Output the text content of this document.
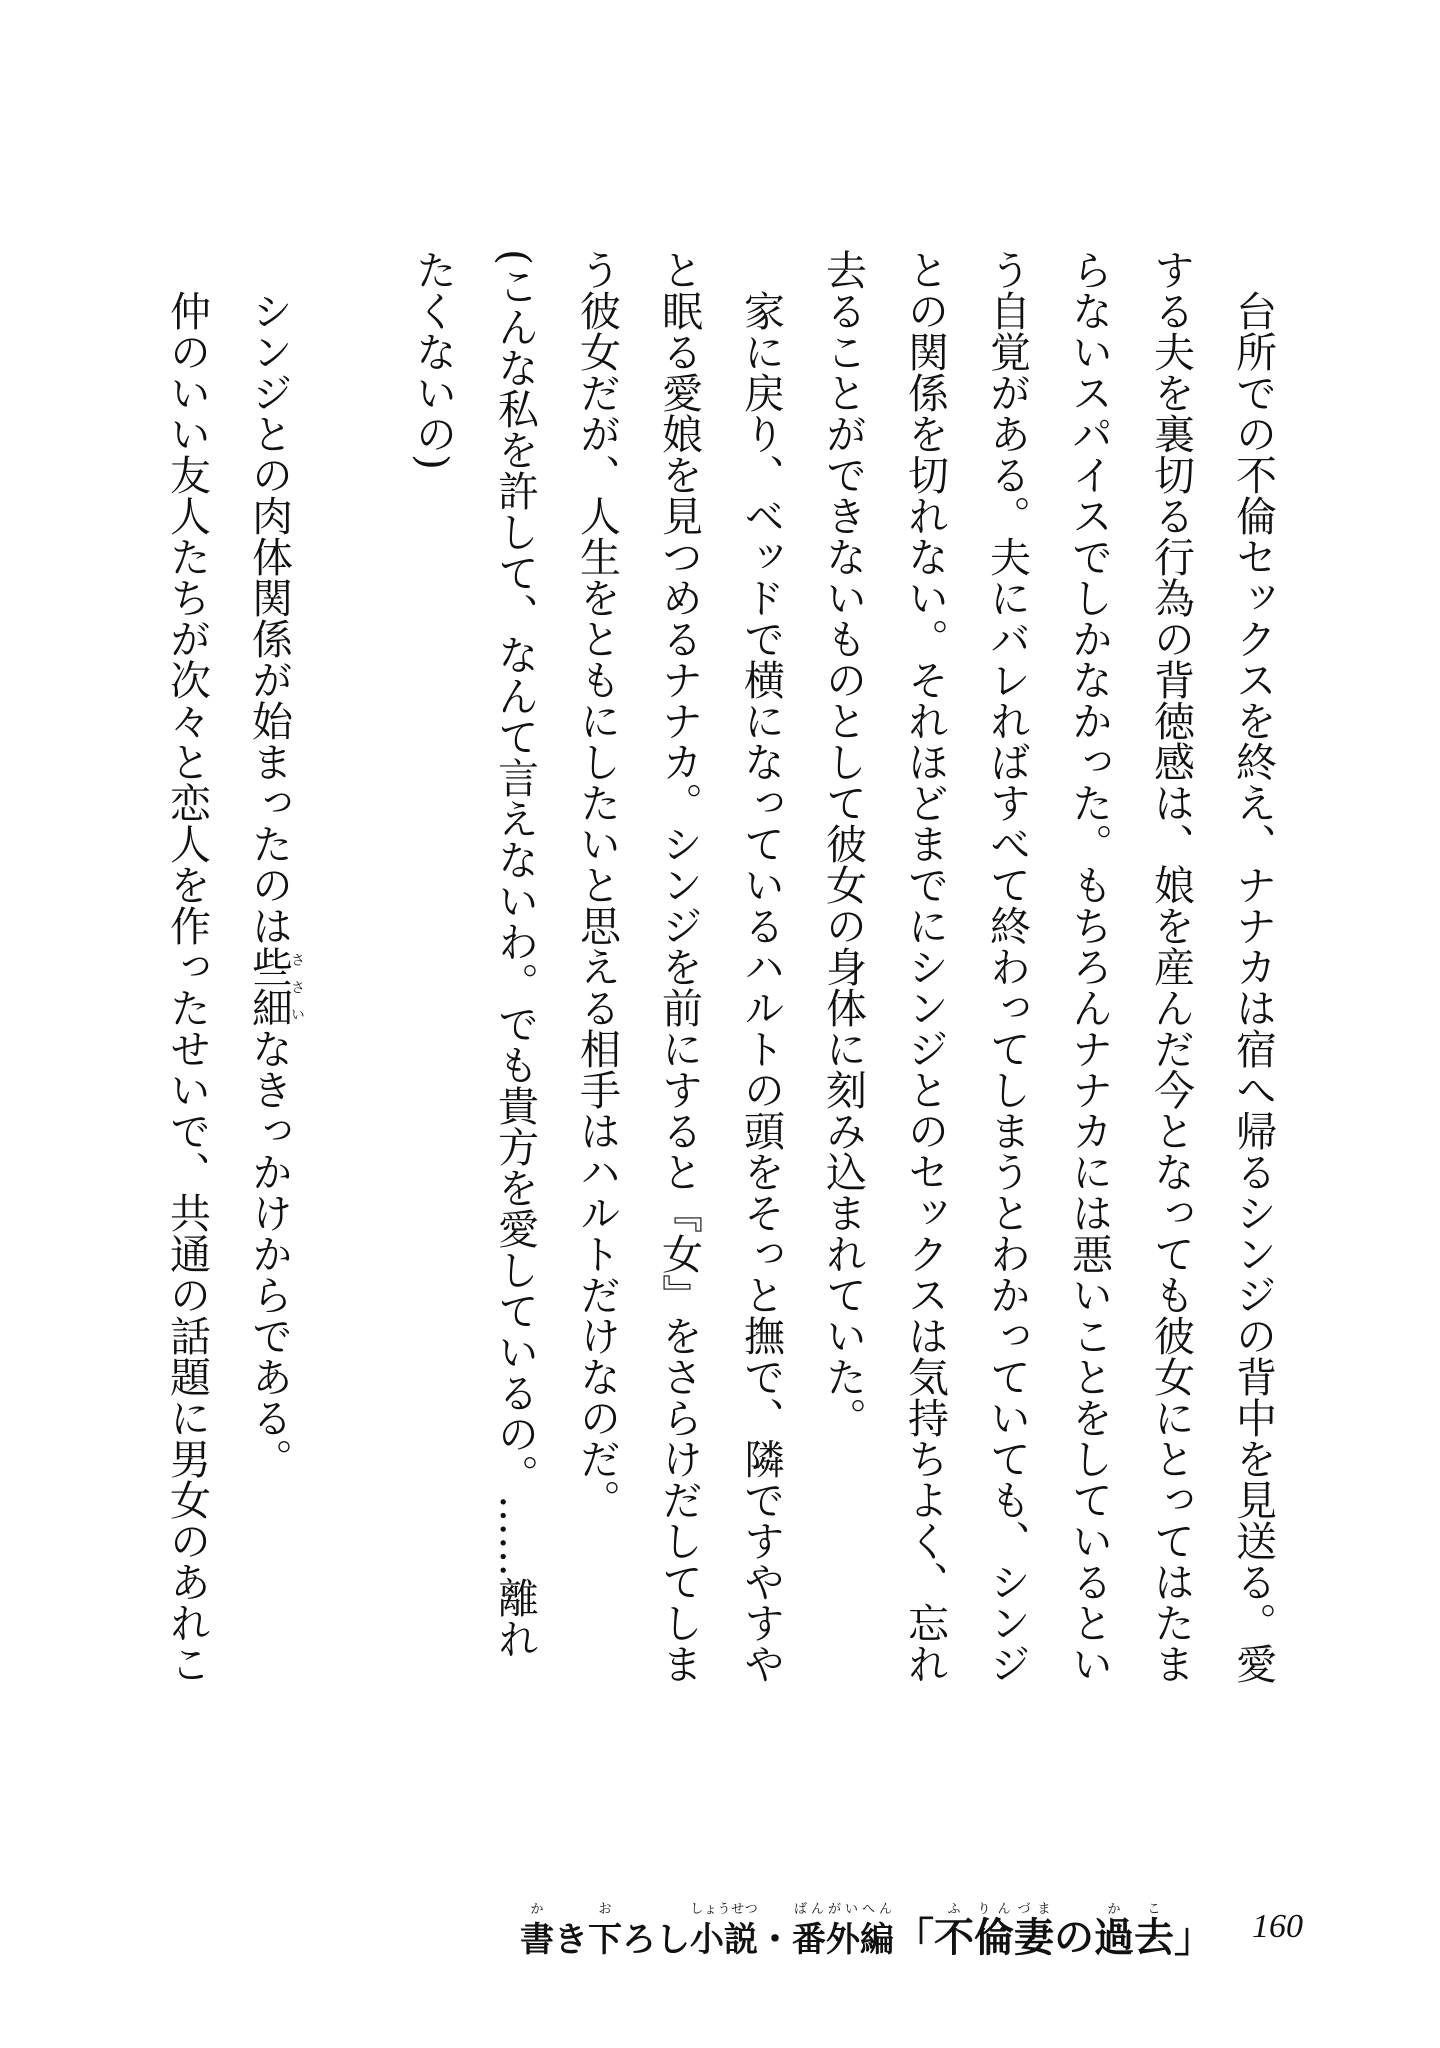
台所での不倫セックスを終え、ナナカは宿へ帰るシンジの背中を見送る。愛

する夫を裏切る行為の背徳感は、娘を産んだ今となっても彼女にとってはたま

らないスパイスでしかなかった。もちろんナナカには悪いことをしているとい

う自覚がある。夫にバレればすべて終わってしまうとわかっていても、シンジ

との関係を切れない。それほどまでにシンジとのセックスは気持ちよく、忘れ

去ることができないものとして彼女の身体に刻み込まれていた。

家に戻り、ベッドで横になっているハルトの頭をそっと撫で、隣ですやすや

と眠る愛娘を見つめるナナカ。シンジを前にすると『女』をさらけだしてしま

う彼女だが、人生をともにしたいと思える相手はハルトだけなのだ。

(こんな私を許して、なんて言えないわ。でも貴方を愛しているの。……離れ

たくないの)

シンジとの肉体関係が始まったのは些細ささいなきっかけからである。

仲のいい友人たちが次々と恋人を作ったせいで、共通の話題に男女のあれこ

書かき下おろし小説しょうせつ・番外編ばんがいへん「不ふ倫りん妻づまの過か去こ」 160
